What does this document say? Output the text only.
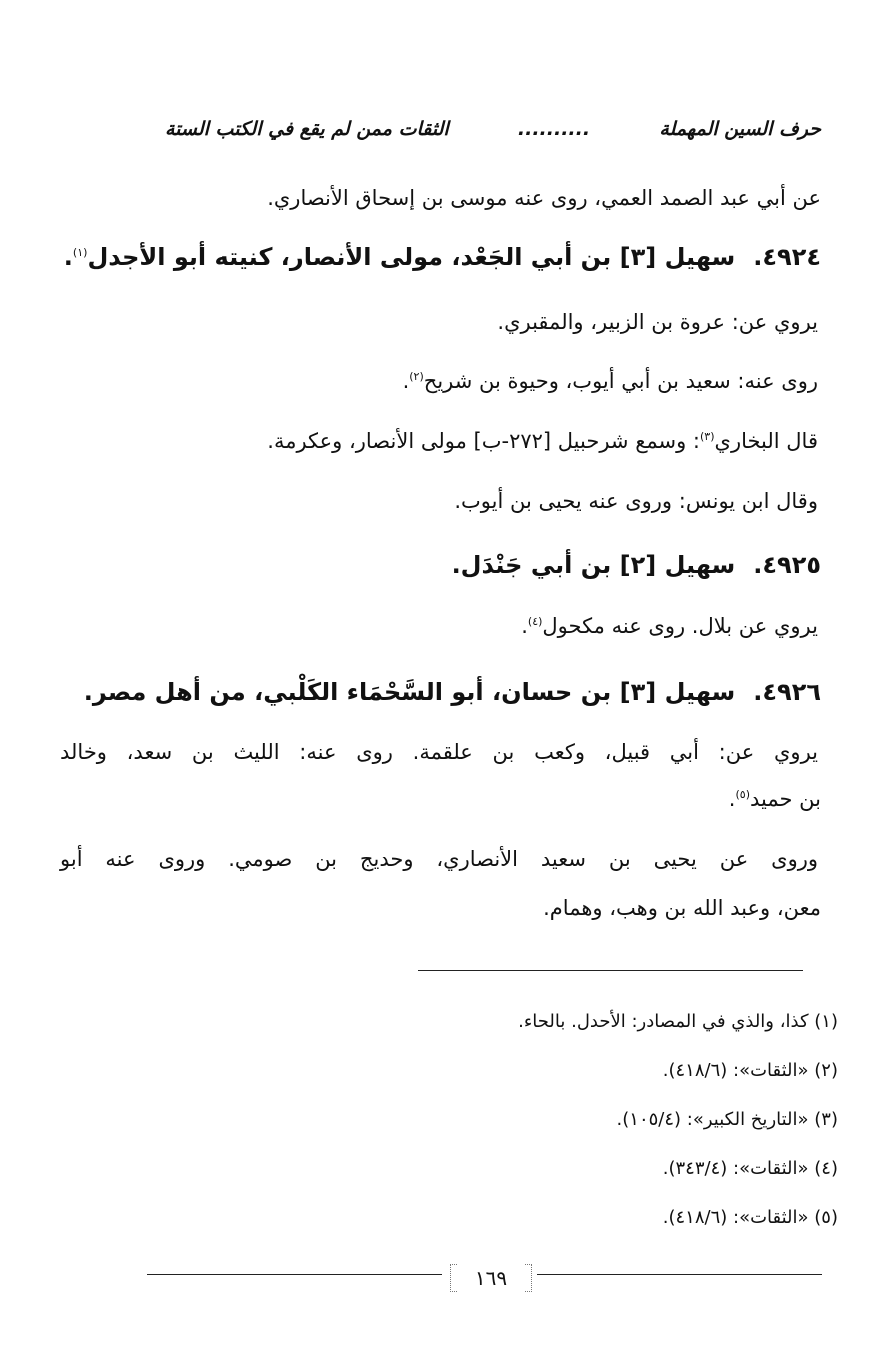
حرف السين المهملة
..........
الثقات ممن لم يقع في الكتب الستة
عن أبي عبد الصمد العمي، روى عنه موسى بن إسحاق الأنصاري.
٤٩٢٤.سهيل [٣] بن أبي الجَعْد، مولى الأنصار، كنيته أبو الأجدل$^{(١)}$.
يروي عن: عروة بن الزبير، والمقبري.
روى عنه: سعيد بن أبي أيوب، وحيوة بن شريح$^{(٢)}$.
قال البخاري$^{(٣)}$: وسمع شرحبيل [٢٧٢-ب] مولى الأنصار، وعكرمة.
وقال ابن يونس: وروى عنه يحيى بن أيوب.
٤٩٢٥.سهيل [٢] بن أبي جَنْدَل.
يروي عن بلال. روى عنه مكحول$^{(٤)}$.
٤٩٢٦.سهيل [٣] بن حسان، أبو السَّحْمَاء الكَلْبي، من أهل مصر.
يروي عن: أبي قبيل، وكعب بن علقمة. روى عنه: الليث بن سعد، وخالد
بن حميد$^{(٥)}$.
وروى عن يحيى بن سعيد الأنصاري، وحديج بن صومي. وروى عنه أبو
معن، وعبد الله بن وهب، وهمام.
(١) كذا، والذي في المصادر: الأحدل. بالحاء.
(٢) «الثقات»: (٤١٨/٦).
(٣) «التاريخ الكبير»: (١٠٥/٤).
(٤) «الثقات»: (٣٤٣/٤).
(٥) «الثقات»: (٤١٨/٦).
١٦٩
